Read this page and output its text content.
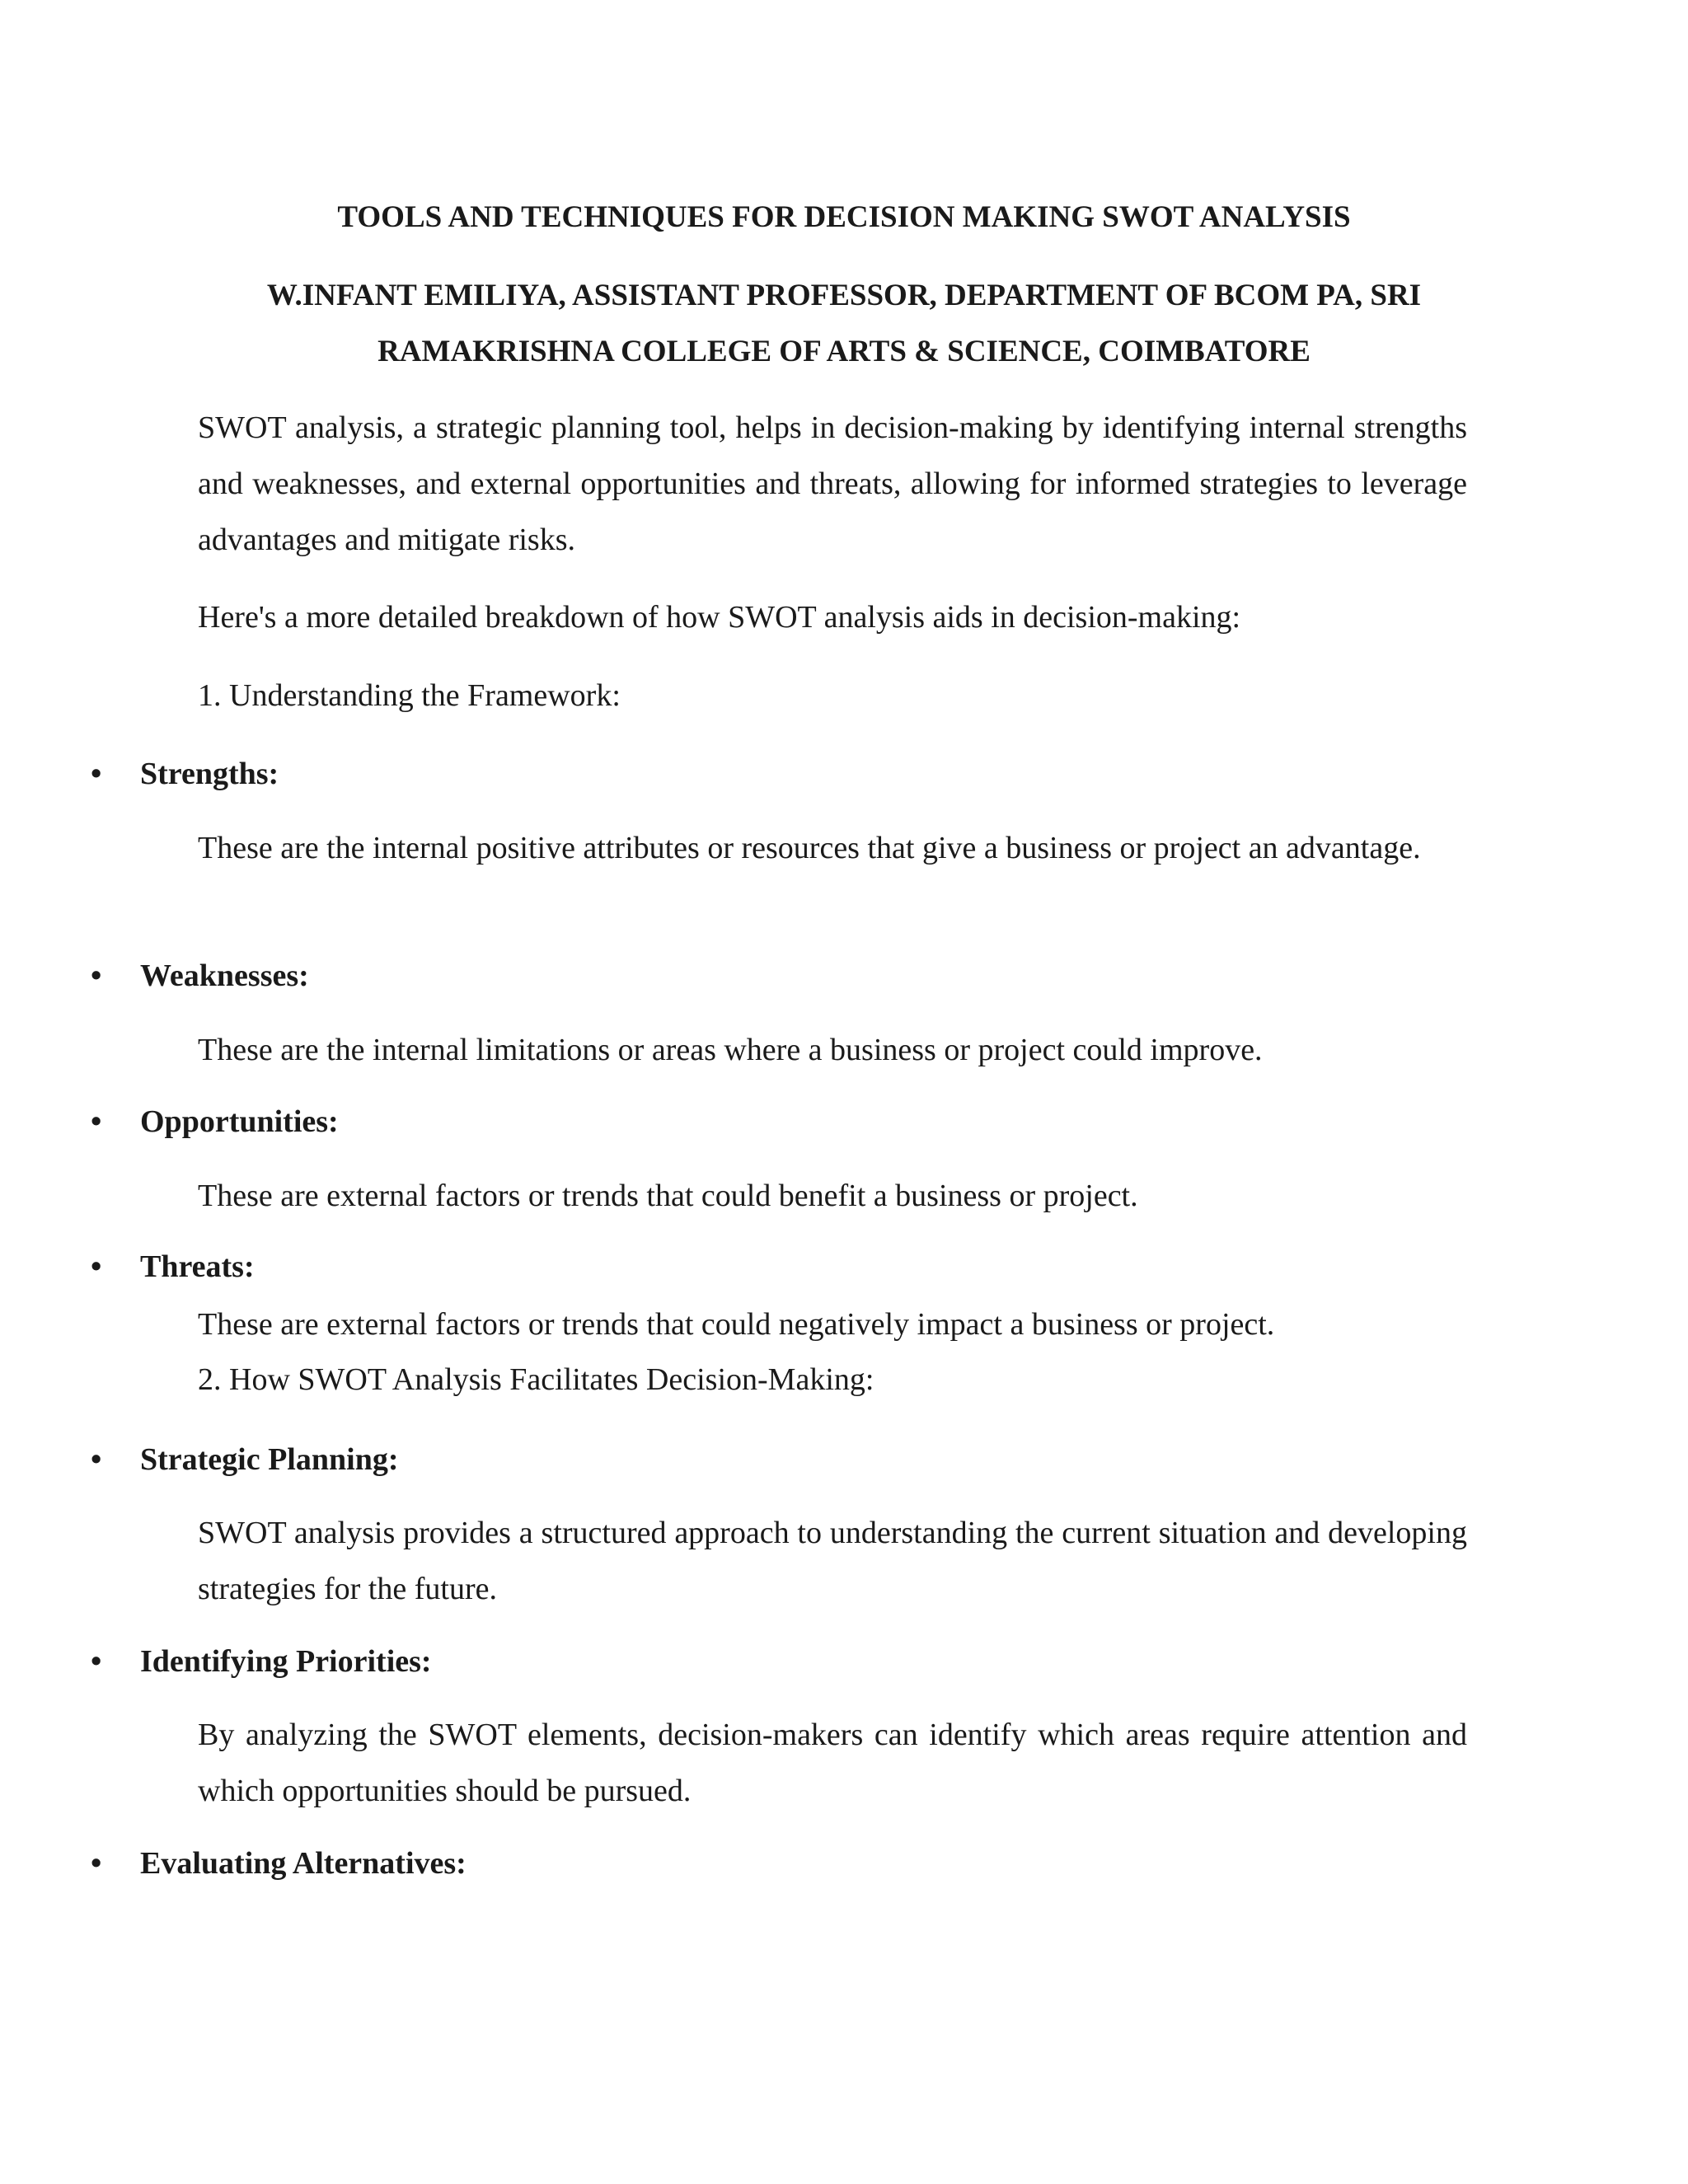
TOOLS AND TECHNIQUES FOR DECISION MAKING SWOT ANALYSIS

W.INFANT EMILIYA, ASSISTANT PROFESSOR, DEPARTMENT OF BCOM PA, SRI
RAMAKRISHNA COLLEGE OF ARTS & SCIENCE, COIMBATORE

SWOT analysis, a strategic planning tool, helps in decision-making by identifying internal strengths and weaknesses, and external opportunities and threats, allowing for informed strategies to leverage advantages and mitigate risks.

Here's a more detailed breakdown of how SWOT analysis aids in decision-making:

1. Understanding the Framework:

• Strengths:

These are the internal positive attributes or resources that give a business or project an advantage.

• Weaknesses:

These are the internal limitations or areas where a business or project could improve.

• Opportunities:

These are external factors or trends that could benefit a business or project.

• Threats:

These are external factors or trends that could negatively impact a business or project.

2. How SWOT Analysis Facilitates Decision-Making:

• Strategic Planning:

SWOT analysis provides a structured approach to understanding the current situation and developing strategies for the future.

• Identifying Priorities:

By analyzing the SWOT elements, decision-makers can identify which areas require attention and which opportunities should be pursued.

• Evaluating Alternatives:
